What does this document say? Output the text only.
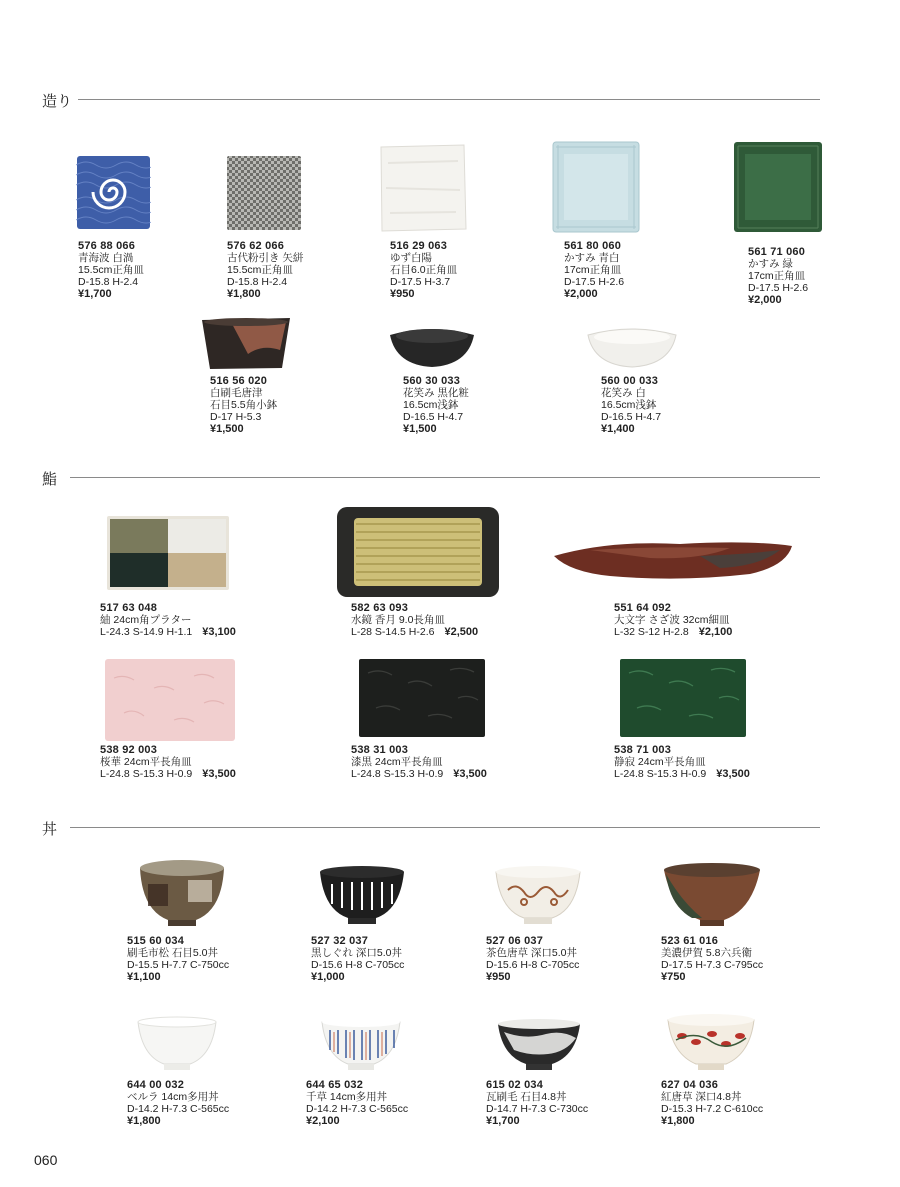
造り
576 88 066
青海波 白渦
15.5cm正角皿
D-15.8 H-2.4
¥1,700
576 62 066
古代粉引き 矢絣
15.5cm正角皿
D-15.8 H-2.4
¥1,800
516 29 063
ゆず白陽
石目6.0正角皿
D-17.5 H-3.7
¥950
561 80 060
かすみ 青白
17cm正角皿
D-17.5 H-2.6
¥2,000
561 71 060
かすみ 緑
17cm正角皿
D-17.5 H-2.6
¥2,000
516 56 020
白刷毛唐津
石目5.5角小鉢
D-17 H-5.3
¥1,500
560 30 033
花笑み 黒化粧
16.5cm浅鉢
D-16.5 H-4.7
¥1,500
560 00 033
花笑み 白
16.5cm浅鉢
D-16.5 H-4.7
¥1,400
鮨
517 63 048
紬 24cm角プラター
L-24.3 S-14.9 H-1.1 ¥3,100
582 63 093
水鏡 香月 9.0長角皿
L-28 S-14.5 H-2.6 ¥2,500
551 64 092
大文字 さざ波 32cm細皿
L-32 S-12 H-2.8 ¥2,100
538 92 003
桜華 24cm平長角皿
L-24.8 S-15.3 H-0.9 ¥3,500
538 31 003
漆黒 24cm平長角皿
L-24.8 S-15.3 H-0.9 ¥3,500
538 71 003
静寂 24cm平長角皿
L-24.8 S-15.3 H-0.9 ¥3,500
丼
515 60 034
刷毛市松 石目5.0丼
D-15.5 H-7.7 C-750cc
¥1,100
527 32 037
黒しぐれ 深口5.0丼
D-15.6 H-8 C-705cc
¥1,000
527 06 037
茶色唐草 深口5.0丼
D-15.6 H-8 C-705cc
¥950
523 61 016
美濃伊賀 5.8六兵衛
D-17.5 H-7.3 C-795cc
¥750
644 00 032
ベルラ 14cm多用丼
D-14.2 H-7.3 C-565cc
¥1,800
644 65 032
千草 14cm多用丼
D-14.2 H-7.3 C-565cc
¥2,100
615 02 034
瓦刷毛 石目4.8丼
D-14.7 H-7.3 C-730cc
¥1,700
627 04 036
紅唐草 深口4.8丼
D-15.3 H-7.2 C-610cc
¥1,800
060
